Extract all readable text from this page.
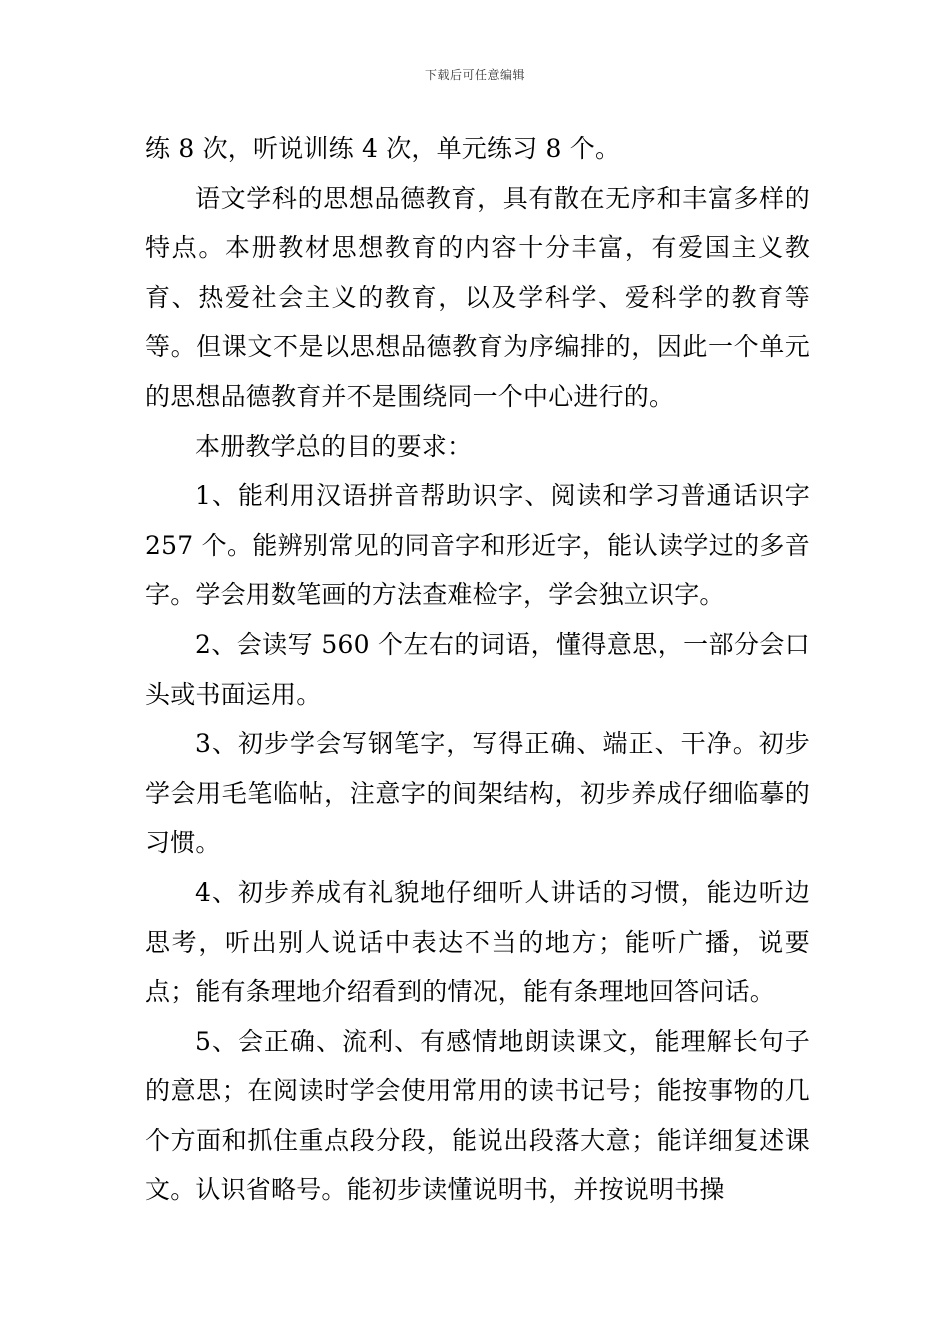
下载后可任意编辑

练 8 次，听说训练 4 次，单元练习 8 个。

语文学科的思想品德教育，具有散在无序和丰富多样的特点。本册教材思想教育的内容十分丰富，有爱国主义教育、热爱社会主义的教育，以及学科学、爱科学的教育等等。但课文不是以思想品德教育为序编排的，因此一个单元的思想品德教育并不是围绕同一个中心进行的。

本册教学总的目的要求：

1、能利用汉语拼音帮助识字、阅读和学习普通话识字 257 个。能辨别常见的同音字和形近字，能认读学过的多音字。学会用数笔画的方法查难检字，学会独立识字。

2、会读写 560 个左右的词语，懂得意思，一部分会口头或书面运用。

3、初步学会写钢笔字，写得正确、端正、干净。初步学会用毛笔临帖，注意字的间架结构，初步养成仔细临摹的习惯。

4、初步养成有礼貌地仔细听人讲话的习惯，能边听边思考，听出别人说话中表达不当的地方；能听广播，说要点；能有条理地介绍看到的情况，能有条理地回答问话。

5、会正确、流利、有感情地朗读课文，能理解长句子的意思；在阅读时学会使用常用的读书记号；能按事物的几个方面和抓住重点段分段，能说出段落大意；能详细复述课文。认识省略号。能初步读懂说明书，并按说明书操
